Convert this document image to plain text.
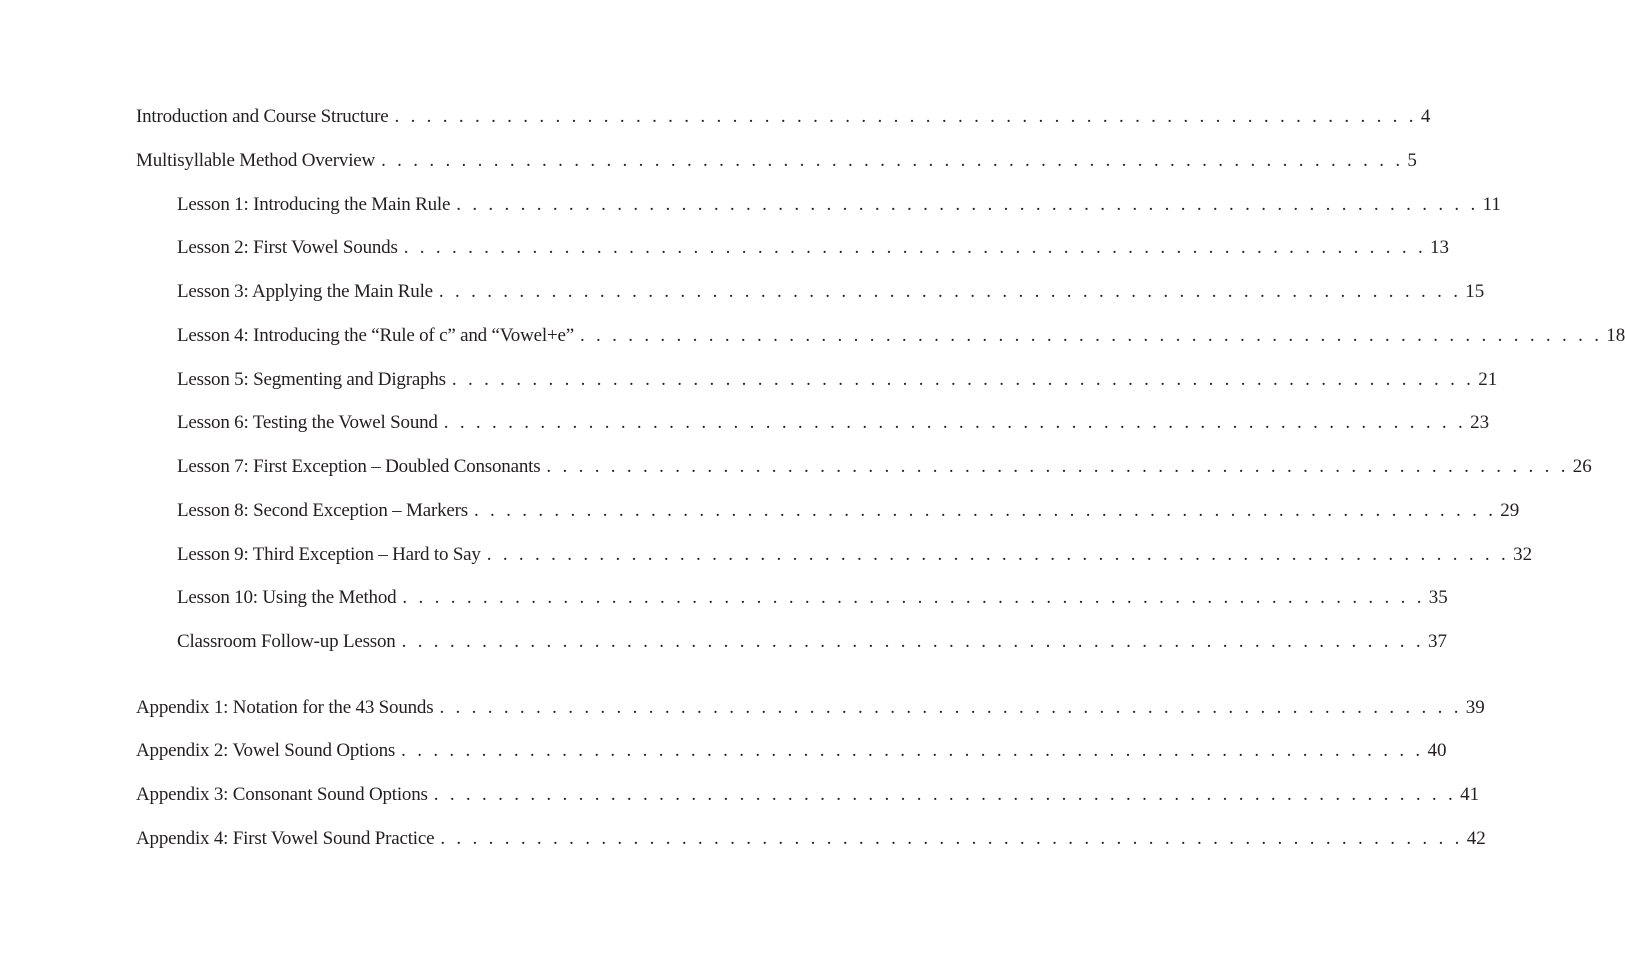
Introduction and Course Structure . . . . . . . . . . . . . . . . . . . . . . . . . . . . . . . . . . . . . . . . . . . . . . . . . . . . . . . . . . . . . . . . 4
Multisyllable Method Overview . . . . . . . . . . . . . . . . . . . . . . . . . . . . . . . . . . . . . . . . . . . . . . . . . . . . . . . . . . . . . . . . 5
Lesson 1: Introducing the Main Rule . . . . . . . . . . . . . . . . . . . . . . . . . . . . . . . . . . . . . . . . . . . . . . . . . . . . . . . . . . . . . . . . 11
Lesson 2: First Vowel Sounds . . . . . . . . . . . . . . . . . . . . . . . . . . . . . . . . . . . . . . . . . . . . . . . . . . . . . . . . . . . . . . . . 13
Lesson 3: Applying the Main Rule . . . . . . . . . . . . . . . . . . . . . . . . . . . . . . . . . . . . . . . . . . . . . . . . . . . . . . . . . . . . . . . . 15
Lesson 4: Introducing the “Rule of c” and “Vowel+e” . . . . . . . . . . . . . . . . . . . . . . . . . . . . . . . . . . . . . . . . . . . . . . . . . . . . . . . . . . . . . . . . 18
Lesson 5: Segmenting and Digraphs . . . . . . . . . . . . . . . . . . . . . . . . . . . . . . . . . . . . . . . . . . . . . . . . . . . . . . . . . . . . . . . . 21
Lesson 6: Testing the Vowel Sound . . . . . . . . . . . . . . . . . . . . . . . . . . . . . . . . . . . . . . . . . . . . . . . . . . . . . . . . . . . . . . . . 23
Lesson 7: First Exception – Doubled Consonants . . . . . . . . . . . . . . . . . . . . . . . . . . . . . . . . . . . . . . . . . . . . . . . . . . . . . . . . . . . . . . . . 26
Lesson 8: Second Exception – Markers . . . . . . . . . . . . . . . . . . . . . . . . . . . . . . . . . . . . . . . . . . . . . . . . . . . . . . . . . . . . . . . . 29
Lesson 9: Third Exception – Hard to Say . . . . . . . . . . . . . . . . . . . . . . . . . . . . . . . . . . . . . . . . . . . . . . . . . . . . . . . . . . . . . . . . 32
Lesson 10: Using the Method . . . . . . . . . . . . . . . . . . . . . . . . . . . . . . . . . . . . . . . . . . . . . . . . . . . . . . . . . . . . . . . . 35
Classroom Follow-up Lesson . . . . . . . . . . . . . . . . . . . . . . . . . . . . . . . . . . . . . . . . . . . . . . . . . . . . . . . . . . . . . . . . 37
Appendix 1: Notation for the 43 Sounds . . . . . . . . . . . . . . . . . . . . . . . . . . . . . . . . . . . . . . . . . . . . . . . . . . . . . . . . . . . . . . . . 39
Appendix 2: Vowel Sound Options . . . . . . . . . . . . . . . . . . . . . . . . . . . . . . . . . . . . . . . . . . . . . . . . . . . . . . . . . . . . . . . . 40
Appendix 3: Consonant Sound Options . . . . . . . . . . . . . . . . . . . . . . . . . . . . . . . . . . . . . . . . . . . . . . . . . . . . . . . . . . . . . . . . 41
Appendix 4: First Vowel Sound Practice . . . . . . . . . . . . . . . . . . . . . . . . . . . . . . . . . . . . . . . . . . . . . . . . . . . . . . . . . . . . . . . . 42
